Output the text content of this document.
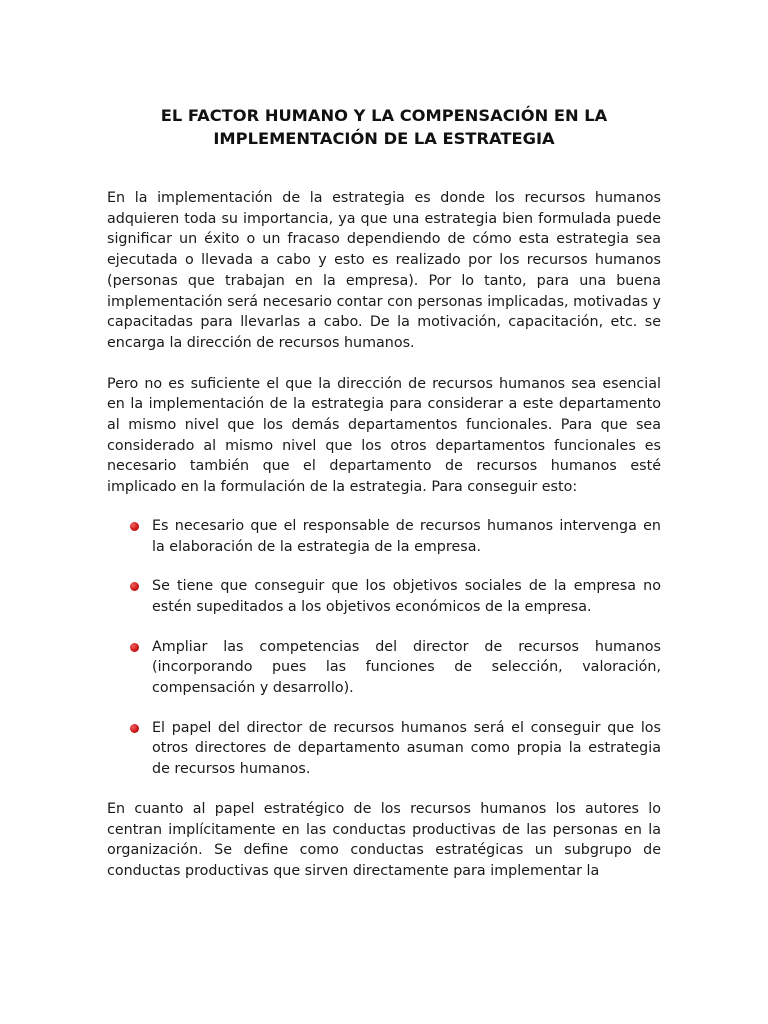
EL FACTOR HUMANO Y LA COMPENSACIÓN EN LA
IMPLEMENTACIÓN DE LA ESTRATEGIA

En la implementación de la estrategia es donde los recursos humanos adquieren toda su importancia, ya que una estrategia bien formulada puede significar un éxito o un fracaso dependiendo de cómo esta estrategia sea ejecutada o llevada a cabo y esto es realizado por los recursos humanos (personas que trabajan en la empresa). Por lo tanto, para una buena implementación será necesario contar con personas implicadas, motivadas y capacitadas para llevarlas a cabo. De la motivación, capacitación, etc. se encarga la dirección de recursos humanos.

Pero no es suficiente el que la dirección de recursos humanos sea esencial en la implementación de la estrategia para considerar a este departamento al mismo nivel que los demás departamentos funcionales. Para que sea considerado al mismo nivel que los otros departamentos funcionales es necesario también que el departamento de recursos humanos esté implicado en la formulación de la estrategia. Para conseguir esto:

Es necesario que el responsable de recursos humanos intervenga en la elaboración de la estrategia de la empresa.
Se tiene que conseguir que los objetivos sociales de la empresa no estén supeditados a los objetivos económicos de la empresa.
Ampliar las competencias del director de recursos humanos (incorporando pues las funciones de selección, valoración, compensación y desarrollo).
El papel del director de recursos humanos será el conseguir que los otros directores de departamento asuman como propia la estrategia de recursos humanos.

En cuanto al papel estratégico de los recursos humanos los autores lo centran implícitamente en las conductas productivas de las personas en la organización. Se define como conductas estratégicas un subgrupo de conductas productivas que sirven directamente para implementar la
